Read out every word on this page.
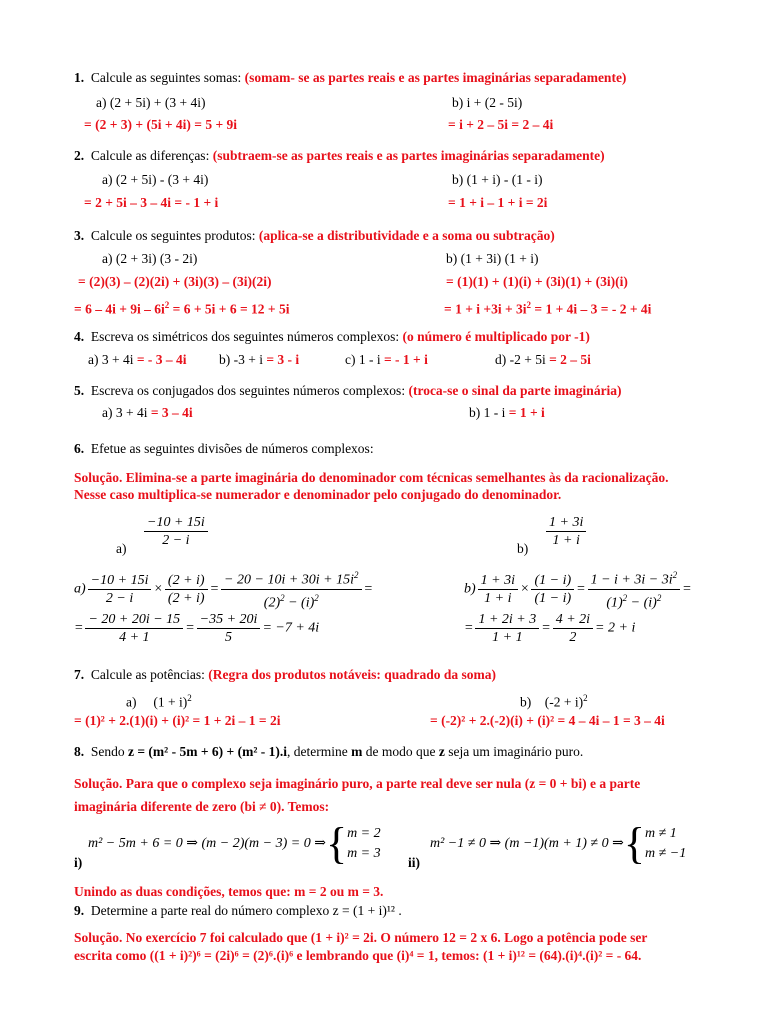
1. Calcule as seguintes somas: (somam- se as partes reais e as partes imaginárias separadamente)
a) (2 + 5i) + (3 + 4i)	b) i + (2 - 5i)
= (2 + 3) + (5i + 4i) = 5 + 9i	= i + 2 – 5i = 2 – 4i
2. Calcule as diferenças: (subtraem-se as partes reais e as partes imaginárias separadamente)
a) (2 + 5i) - (3 + 4i)	b) (1 + i) - (1 - i)
= 2 + 5i – 3 – 4i = - 1 + i	= 1 + i – 1 + i = 2i
3. Calcule os seguintes produtos: (aplica-se a distributividade e a soma ou subtração)
a) (2 + 3i) (3 - 2i)	b) (1 + 3i) (1 + i)
= (2)(3) – (2)(2i) + (3i)(3) – (3i)(2i)	= (1)(1) + (1)(i) + (3i)(1) + (3i)(i)
= $6 - 4i + 9i - 6i^2 = 6 + 5i + 6 = 12 + 5i$	= $1 + i +3i + 3i^2 = 1 + 4i - 3$ = - 2 + 4i
4. Escreva os simétricos dos seguintes números complexos: (o número é multiplicado por -1)
a) 3 + 4i = - 3 – 4i b) -3 + i = 3 - i	c) 1 - i = - 1 + i	d) -2 + 5i = 2 – 5i
5. Escreva os conjugados dos seguintes números complexos: (troca-se o sinal da parte imaginária)
a) 3 + 4i = 3 – 4i	b) 1 - i = 1 + i
6. Efetue as seguintes divisões de números complexos:
Solução. Elimina-se a parte imaginária do denominador com técnicas semelhantes às da racionalização.
Nesse caso multiplica-se numerador e denominador pelo conjugado do denominador.
$a) \frac{-10 + 15i}{2 - i}$	$b) \frac{1 + 3i}{1 + i}$
$a) \frac{-10 + 15i}{2 - i} \times \frac{(2 + i)}{(2 + i)} = \frac{- 20 - 10i + 30i + 15i^2}{(2)^2 - (i)^2}$ =
= $\frac{- 20 + 20i - 15}{4 + 1} = \frac{-35 + 20i}{5} = -7 + 4i$
$b) \frac{1 + 3i}{1 + i} \times \frac{(1 - i)}{(1 - i)} = \frac{1 - i + 3i - 3i^2}{(1)^2 - (i)^2}$ =
= $\frac{1 + 2i + 3}{1 + 1} = \frac{4 + 2i}{2} = 2 + i$
7. Calcule as potências: (Regra dos produtos notáveis: quadrado da soma)
a) $(1 + i)^2$	b) $(-2 + i)^2$
= (1)² + 2.(1)(i) + (i)² = 1 + 2i – 1 = 2i	= (-2)² + 2.(-2)(i) + (i)² = 4 – 4i – 1 = 3 – 4i
8. Sendo z = (m² - 5m + 6) + (m² - 1).i, determine m de modo que z seja um imaginário puro.
Solução. Para que o complexo seja imaginário puro, a parte real deve ser nula (z = 0 + bi) e a parte
imaginária diferente de zero (bi ≠ 0). Temos:
m² − 5m + 6 = 0 ⇒ (m − 2)(m − 3) = 0 ⇒{ m = 2
m = 3
i)
m² −1 ≠ 0 ⇒ (m −1)(m + 1) ≠ 0 ⇒{ m ≠ 1
m ≠ −1
ii)
Unindo as duas condições, temos que: m = 2 ou m = 3.
9. Determine a parte real do número complexo z = (1 + i)¹² .
Solução. No exercício 7 foi calculado que (1 + i)² = 2i. O número 12 = 2 x 6. Logo a potência pode ser
escrita como ((1 + i)²)⁶ = (2i)⁶ = (2)⁶.(i)⁶ e lembrando que (i)⁴ = 1, temos: (1 + i)¹² = (64).(i)⁴.(i)² = - 64.
